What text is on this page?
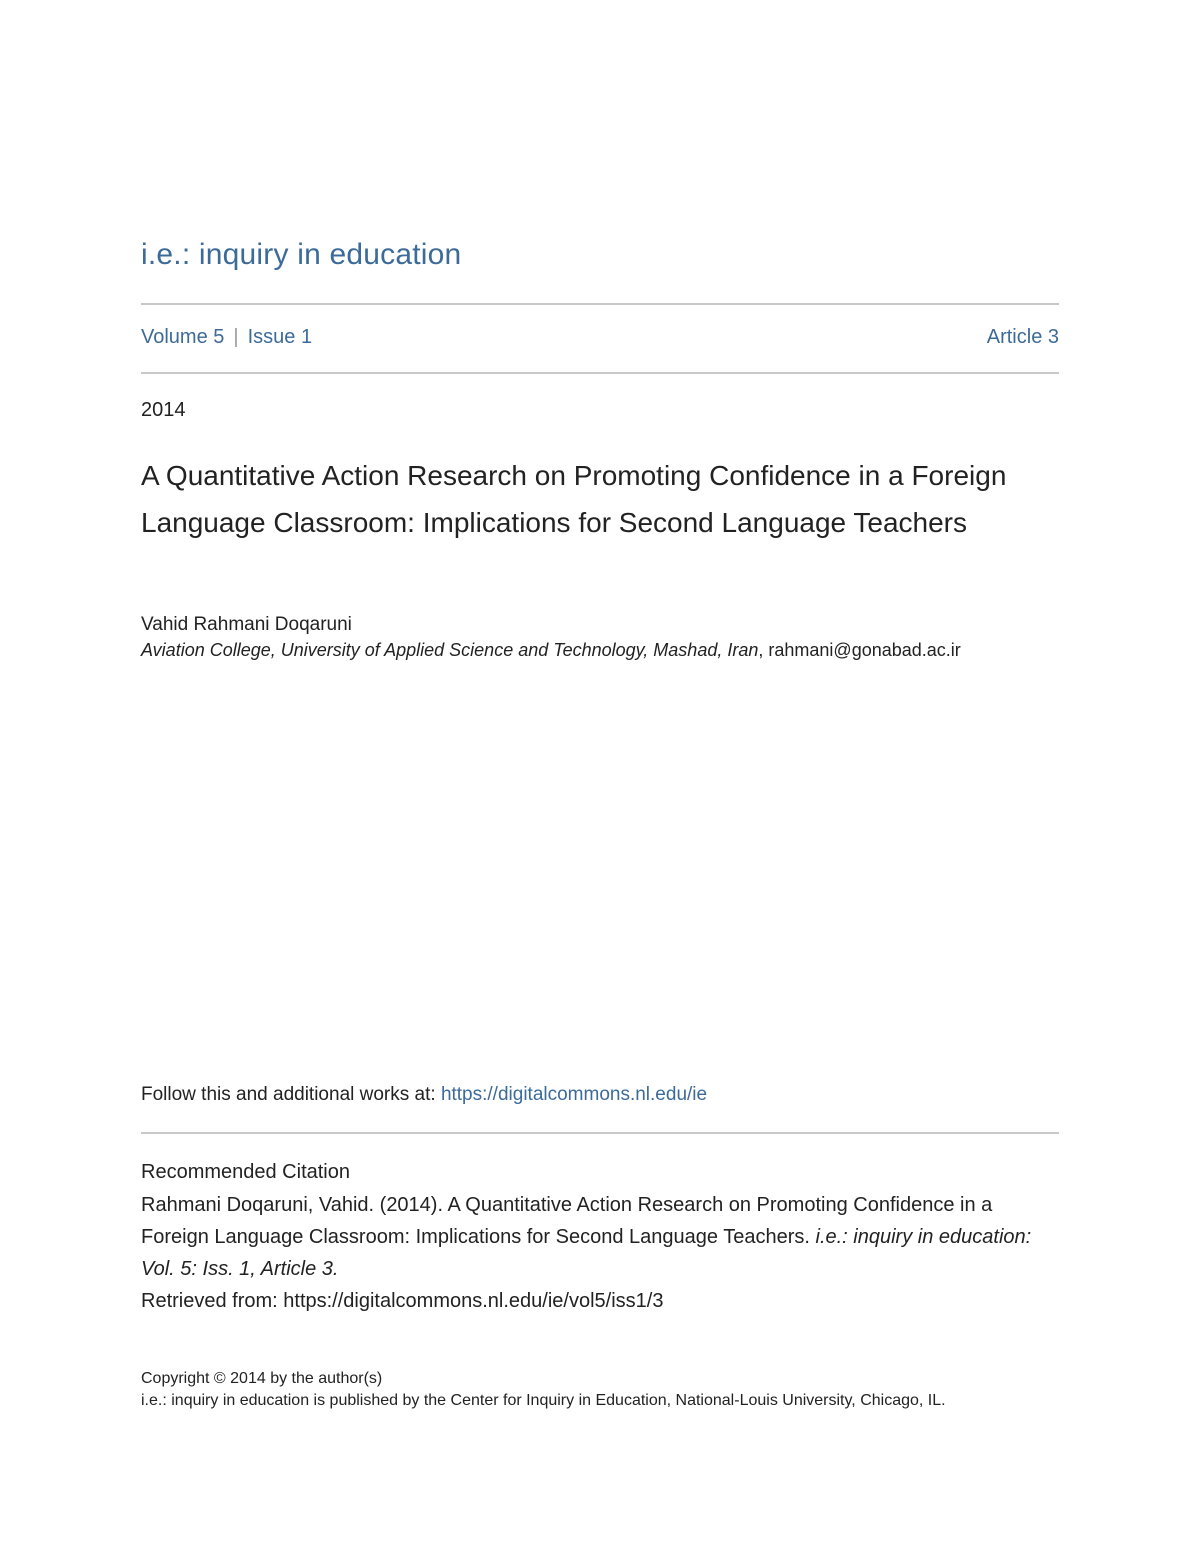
i.e.: inquiry in education
Volume 5 | Issue 1	Article 3
2014
A Quantitative Action Research on Promoting Confidence in a Foreign Language Classroom: Implications for Second Language Teachers
Vahid Rahmani Doqaruni
Aviation College, University of Applied Science and Technology, Mashad, Iran, rahmani@gonabad.ac.ir
Follow this and additional works at: https://digitalcommons.nl.edu/ie
Recommended Citation
Rahmani Doqaruni, Vahid. (2014). A Quantitative Action Research on Promoting Confidence in a Foreign Language Classroom: Implications for Second Language Teachers. i.e.: inquiry in education: Vol. 5: Iss. 1, Article 3.
Retrieved from: https://digitalcommons.nl.edu/ie/vol5/iss1/3
Copyright © 2014 by the author(s)
i.e.: inquiry in education is published by the Center for Inquiry in Education, National-Louis University, Chicago, IL.
